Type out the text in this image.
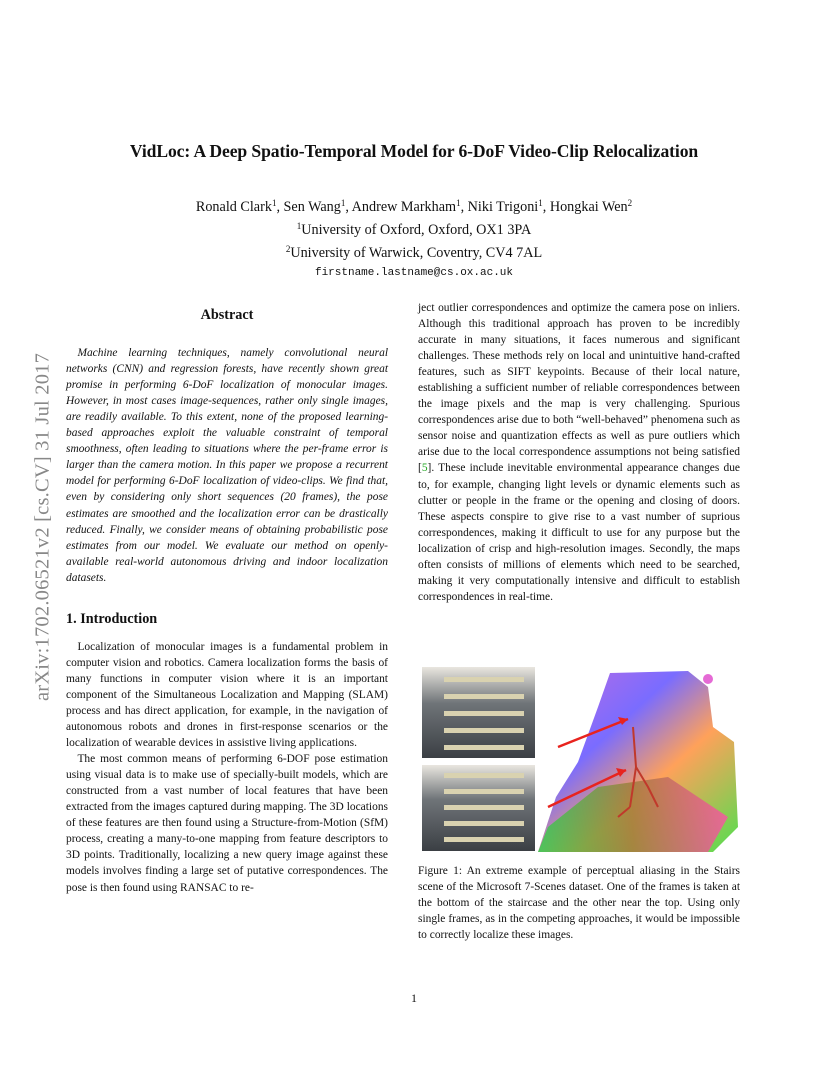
VidLoc: A Deep Spatio-Temporal Model for 6-DoF Video-Clip Relocalization
Ronald Clark$^1$, Sen Wang$^1$, Andrew Markham$^1$, Niki Trigoni$^1$, Hongkai Wen$^2$
$^1$University of Oxford, Oxford, OX1 3PA
$^2$University of Warwick, Coventry, CV4 7AL
firstname.lastname@cs.ox.ac.uk
arXiv:1702.06521v2 [cs.CV] 31 Jul 2017
Abstract

Machine learning techniques, namely convolutional neural networks (CNN) and regression forests, have recently shown great promise in performing 6-DoF localization of monocular images. However, in most cases image-sequences, rather only single images, are readily available. To this extent, none of the proposed learning-based approaches exploit the valuable constraint of temporal smoothness, often leading to situations where the per-frame error is larger than the camera motion. In this paper we propose a recurrent model for performing 6-DoF localization of video-clips. We find that, even by considering only short sequences (20 frames), the pose estimates are smoothed and the localization error can be drastically reduced. Finally, we consider means of obtaining probabilistic pose estimates from our model. We evaluate our method on openly-available real-world autonomous driving and indoor localization datasets.

1. Introduction

Localization of monocular images is a fundamental problem in computer vision and robotics. Camera localization forms the basis of many functions in computer vision where it is an important component of the Simultaneous Localization and Mapping (SLAM) process and has direct application, for example, in the navigation of autonomous robots and drones in first-response scenarios or the localization of wearable devices in assistive living applications.

The most common means of performing 6-DOF pose estimation using visual data is to make use of specially-built models, which are constructed from a vast number of local features that have been extracted from the images captured during mapping. The 3D locations of these features are then found using a Structure-from-Motion (SfM) process, creating a many-to-one mapping from feature descriptors to 3D points. Traditionally, localizing a new query image against these models involves finding a large set of putative correspondences. The pose is then found using RANSAC to re-

ject outlier correspondences and optimize the camera pose on inliers. Although this traditional approach has proven to be incredibly accurate in many situations, it faces numerous and significant challenges. These methods rely on local and unintuitive hand-crafted features, such as SIFT keypoints. Because of their local nature, establishing a sufficient number of reliable correspondences between the image pixels and the map is very challenging. Spurious correspondences arise due to both “well-behaved” phenomena such as sensor noise and quantization effects as well as pure outliers which arise due to the local correspondence assumptions not being satisfied [5]. These include inevitable environmental appearance changes due to, for example, changing light levels or dynamic elements such as clutter or people in the frame or the opening and closing of doors. These aspects conspire to give rise to a vast number of suprious correspondences, making it difficult to use for any purpose but the localization of crisp and high-resolution images. Secondly, the maps often consists of millions of elements which need to be searched, making it very computationally intensive and difficult to establish correspondences in real-time.

Figure 1: An extreme example of perceptual aliasing in the Stairs scene of the Microsoft 7-Scenes dataset. One of the frames is taken at the bottom of the staircase and the other near the top. Using only single frames, as in the competing approaches, it would be impossible to correctly localize these images.
1
